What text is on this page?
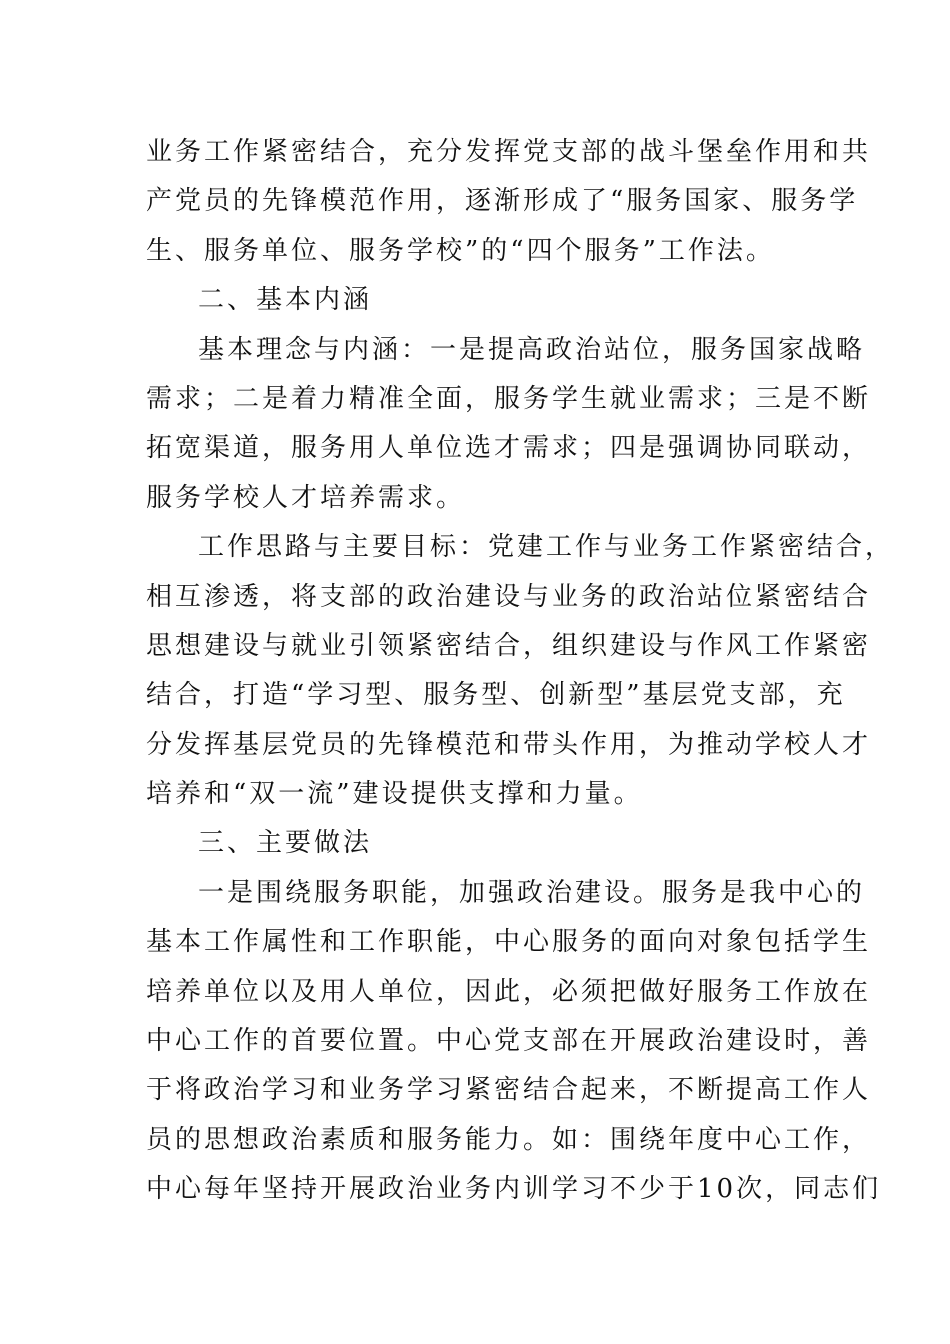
业务工作紧密结合，充分发挥党支部的战斗堡垒作用和共
产党员的先锋模范作用，逐渐形成了“服务国家、服务学
生、服务单位、服务学校”的“四个服务”工作法。
二、基本内涵
基本理念与内涵：一是提高政治站位，服务国家战略
需求；二是着力精准全面，服务学生就业需求；三是不断
拓宽渠道，服务用人单位选才需求；四是强调协同联动，
服务学校人才培养需求。
工作思路与主要目标：党建工作与业务工作紧密结合，
相互渗透，将支部的政治建设与业务的政治站位紧密结合
思想建设与就业引领紧密结合，组织建设与作风工作紧密
结合，打造“学习型、服务型、创新型”基层党支部，充
分发挥基层党员的先锋模范和带头作用，为推动学校人才
培养和“双一流”建设提供支撑和力量。
三、主要做法
一是围绕服务职能，加强政治建设。服务是我中心的
基本工作属性和工作职能，中心服务的面向对象包括学生
培养单位以及用人单位，因此，必须把做好服务工作放在
中心工作的首要位置。中心党支部在开展政治建设时，善
于将政治学习和业务学习紧密结合起来，不断提高工作人
员的思想政治素质和服务能力。如：围绕年度中心工作，
中心每年坚持开展政治业务内训学习不少于10次，同志们
